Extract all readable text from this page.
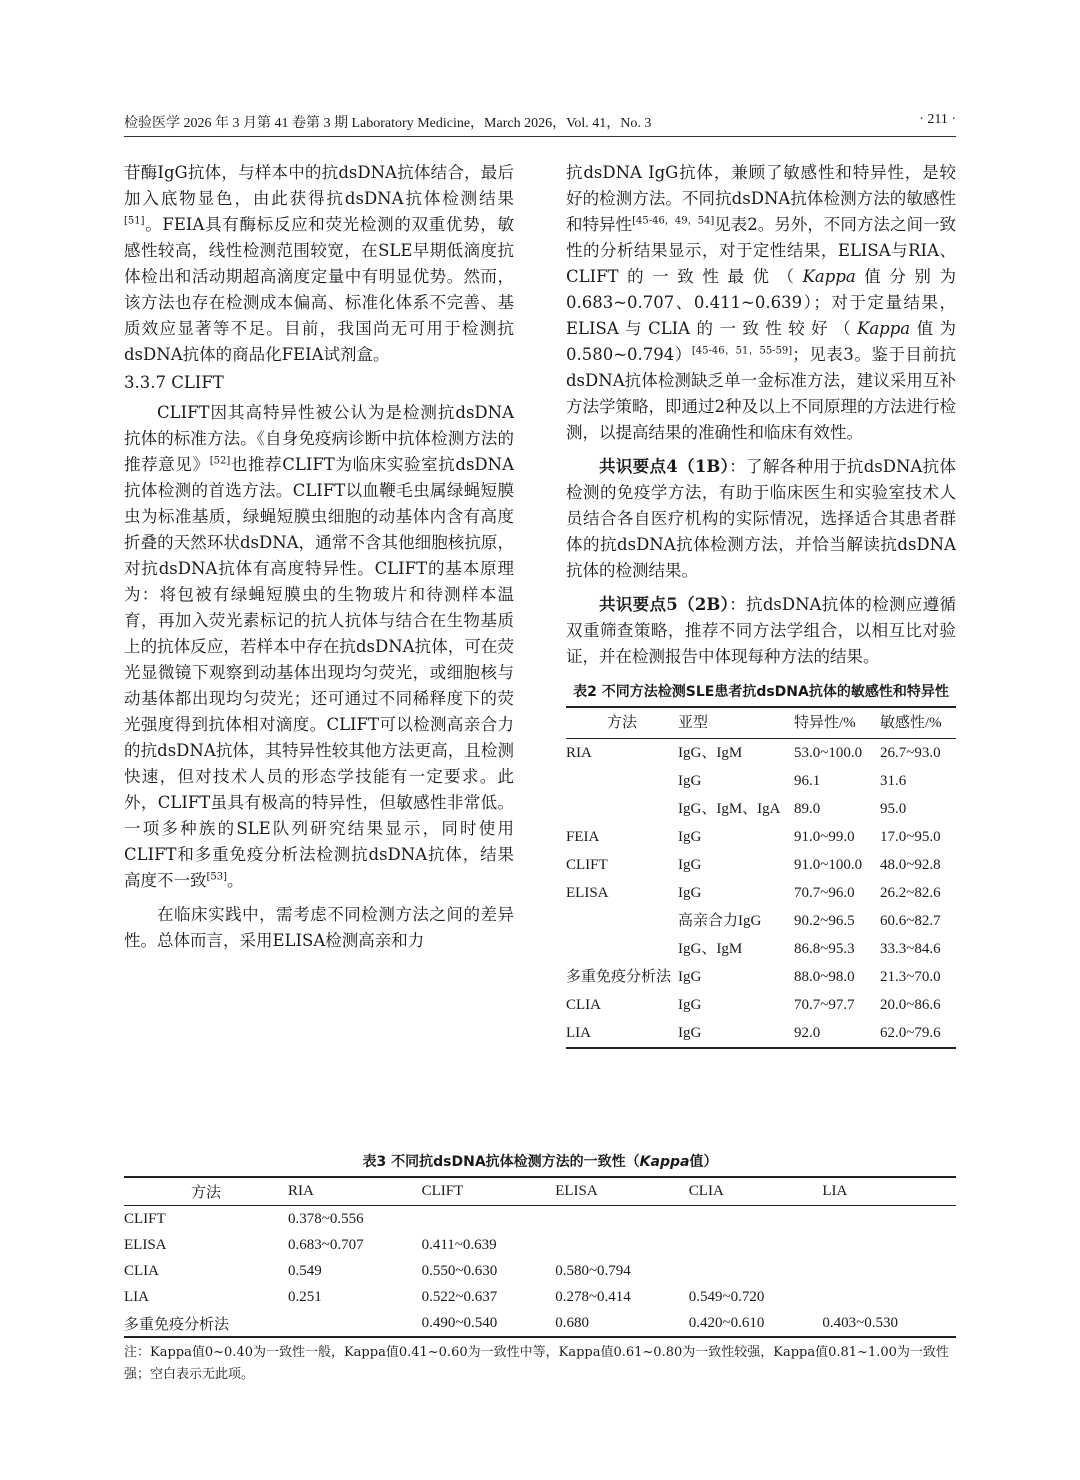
检验医学 2026 年 3 月第 41 卷第 3 期 Laboratory Medicine，March 2026，Vol. 41，No. 3	· 211 ·

苷酶IgG抗体，与样本中的抗dsDNA抗体结合，最后加入底物显色，由此获得抗dsDNA抗体检测结果[51]。FEIA具有酶标反应和荧光检测的双重优势，敏感性较高，线性检测范围较宽，在SLE早期低滴度抗体检出和活动期超高滴度定量中有明显优势。然而，该方法也存在检测成本偏高、标准化体系不完善、基质效应显著等不足。目前，我国尚无可用于检测抗dsDNA抗体的商品化FEIA试剂盒。

3.3.7 CLIFT

CLIFT因其高特异性被公认为是检测抗dsDNA抗体的标准方法。《自身免疫病诊断中抗体检测方法的推荐意见》[52]也推荐CLIFT为临床实验室抗dsDNA抗体检测的首选方法。CLIFT以血鞭毛虫属绿蝇短膜虫为标准基质，绿蝇短膜虫细胞的动基体内含有高度折叠的天然环状dsDNA，通常不含其他细胞核抗原，对抗dsDNA抗体有高度特异性。CLIFT的基本原理为：将包被有绿蝇短膜虫的生物玻片和待测样本温育，再加入荧光素标记的抗人抗体与结合在生物基质上的抗体反应，若样本中存在抗dsDNA抗体，可在荧光显微镜下观察到动基体出现均匀荧光，或细胞核与动基体都出现均匀荧光；还可通过不同稀释度下的荧光强度得到抗体相对滴度。CLIFT可以检测高亲合力的抗dsDNA抗体，其特异性较其他方法更高，且检测快速，但对技术人员的形态学技能有一定要求。此外，CLIFT虽具有极高的特异性，但敏感性非常低。一项多种族的SLE队列研究结果显示，同时使用CLIFT和多重免疫分析法检测抗dsDNA抗体，结果高度不一致[53]。

在临床实践中，需考虑不同检测方法之间的差异性。总体而言，采用ELISA检测高亲和力

抗dsDNA IgG抗体，兼顾了敏感性和特异性，是较好的检测方法。不同抗dsDNA抗体检测方法的敏感性和特异性[45-46，49，54]见表2。另外，不同方法之间一致性的分析结果显示，对于定性结果，ELISA与RIA、CLIFT的一致性最优（Kappa值分别为0.683~0.707、0.411~0.639）；对于定量结果，ELISA与CLIA的一致性较好（Kappa值为0.580~0.794）[45-46，51，55-59]；见表3。鉴于目前抗dsDNA抗体检测缺乏单一金标准方法，建议采用互补方法学策略，即通过2种及以上不同原理的方法进行检测，以提高结果的准确性和临床有效性。

共识要点4（1B）：了解各种用于抗dsDNA抗体检测的免疫学方法，有助于临床医生和实验室技术人员结合各自医疗机构的实际情况，选择适合其患者群体的抗dsDNA抗体检测方法，并恰当解读抗dsDNA抗体的检测结果。

共识要点5（2B）：抗dsDNA抗体的检测应遵循双重筛查策略，推荐不同方法学组合，以相互比对验证，并在检测报告中体现每种方法的结果。

表2 不同方法检测SLE患者抗dsDNA抗体的敏感性和特异性
方法	亚型	特异性/%	敏感性/%
RIA	IgG、IgM	53.0~100.0	26.7~93.0
	IgG	96.1	31.6
	IgG、IgM、IgA	89.0	95.0
FEIA	IgG	91.0~99.0	17.0~95.0
CLIFT	IgG	91.0~100.0	48.0~92.8
ELISA	IgG	70.7~96.0	26.2~82.6
	高亲合力IgG	90.2~96.5	60.6~82.7
	IgG、IgM	86.8~95.3	33.3~84.6
多重免疫分析法	IgG	88.0~98.0	21.3~70.0
CLIA	IgG	70.7~97.7	20.0~86.6
LIA	IgG	92.0	62.0~79.6
表3 不同抗dsDNA抗体检测方法的一致性（Kappa值）
方法	RIA	CLIFT	ELISA	CLIA	LIA
CLIFT	0.378~0.556				
ELISA	0.683~0.707	0.411~0.639			
CLIA	0.549	0.550~0.630	0.580~0.794		
LIA	0.251	0.522~0.637	0.278~0.414	0.549~0.720	
多重免疫分析法		0.490~0.540	0.680	0.420~0.610	0.403~0.530
注：Kappa值0~0.40为一致性一般，Kappa值0.41~0.60为一致性中等，Kappa值0.61~0.80为一致性较强，Kappa值0.81~1.00为一致性强；空白表示无此项。
